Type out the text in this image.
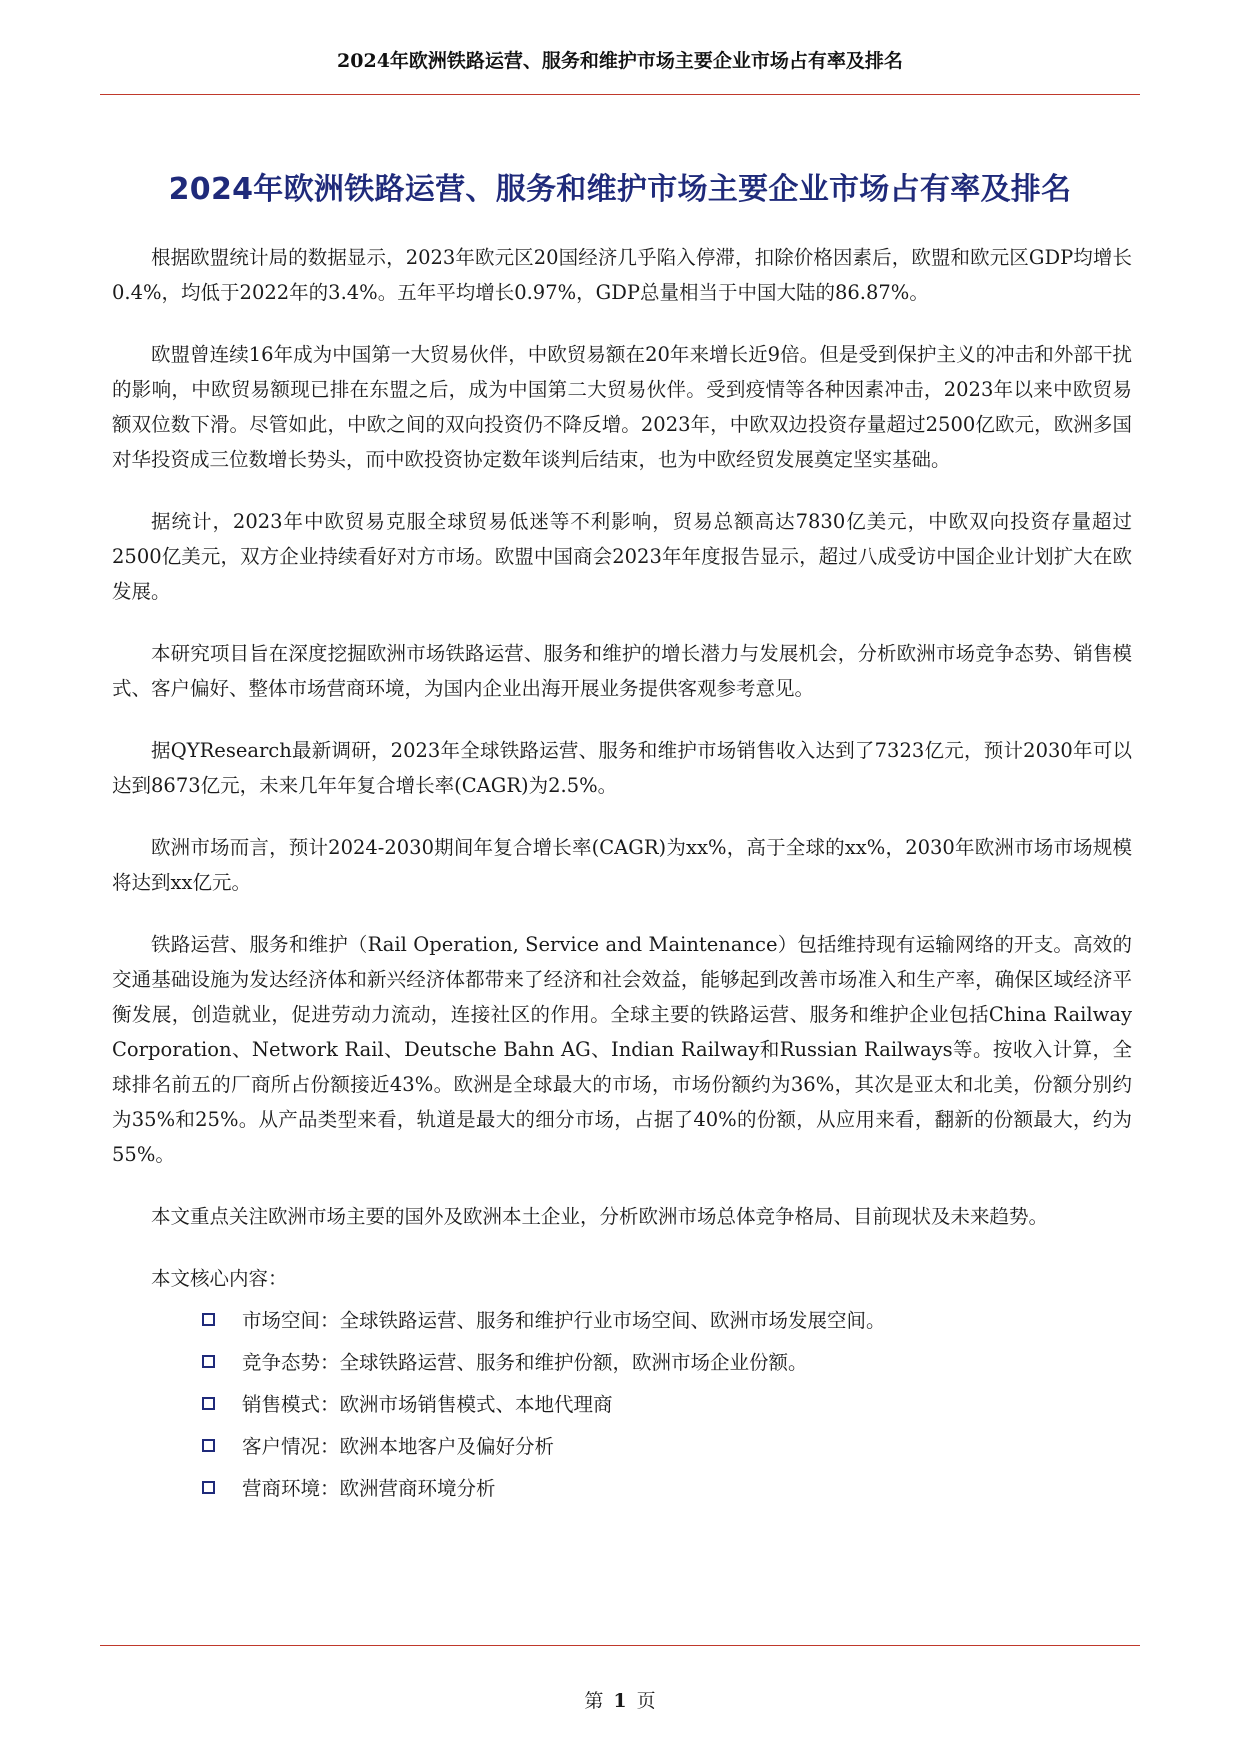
2024年欧洲铁路运营、服务和维护市场主要企业市场占有率及排名
2024年欧洲铁路运营、服务和维护市场主要企业市场占有率及排名

根据欧盟统计局的数据显示，2023年欧元区20国经济几乎陷入停滞，扣除价格因素后，欧盟和欧元区GDP均增长0.4%，均低于2022年的3.4%。五年平均增长0.97%，GDP总量相当于中国大陆的86.87%。

欧盟曾连续16年成为中国第一大贸易伙伴，中欧贸易额在20年来增长近9倍。但是受到保护主义的冲击和外部干扰的影响，中欧贸易额现已排在东盟之后，成为中国第二大贸易伙伴。受到疫情等各种因素冲击，2023年以来中欧贸易额双位数下滑。尽管如此，中欧之间的双向投资仍不降反增。2023年，中欧双边投资存量超过2500亿欧元，欧洲多国对华投资成三位数增长势头，而中欧投资协定数年谈判后结束，也为中欧经贸发展奠定坚实基础。

据统计，2023年中欧贸易克服全球贸易低迷等不利影响，贸易总额高达7830亿美元，中欧双向投资存量超过2500亿美元，双方企业持续看好对方市场。欧盟中国商会2023年年度报告显示，超过八成受访中国企业计划扩大在欧发展。

本研究项目旨在深度挖掘欧洲市场铁路运营、服务和维护的增长潜力与发展机会，分析欧洲市场竞争态势、销售模式、客户偏好、整体市场营商环境，为国内企业出海开展业务提供客观参考意见。

据QYResearch最新调研，2023年全球铁路运营、服务和维护市场销售收入达到了7323亿元，预计2030年可以达到8673亿元，未来几年年复合增长率(CAGR)为2.5%。

欧洲市场而言，预计2024-2030期间年复合增长率(CAGR)为xx%，高于全球的xx%，2030年欧洲市场市场规模将达到xx亿元。

铁路运营、服务和维护（Rail Operation, Service and Maintenance）包括维持现有运输网络的开支。高效的交通基础设施为发达经济体和新兴经济体都带来了经济和社会效益，能够起到改善市场准入和生产率，确保区域经济平衡发展，创造就业，促进劳动力流动，连接社区的作用。全球主要的铁路运营、服务和维护企业包括China Railway Corporation、Network Rail、Deutsche Bahn AG、Indian Railway和Russian Railways等。按收入计算，全球排名前五的厂商所占份额接近43%。欧洲是全球最大的市场，市场份额约为36%，其次是亚太和北美，份额分别约为35%和25%。从产品类型来看，轨道是最大的细分市场，占据了40%的份额，从应用来看，翻新的份额最大，约为55%。

本文重点关注欧洲市场主要的国外及欧洲本土企业，分析欧洲市场总体竞争格局、目前现状及未来趋势。

本文核心内容：

市场空间：全球铁路运营、服务和维护行业市场空间、欧洲市场发展空间。
竞争态势：全球铁路运营、服务和维护份额，欧洲市场企业份额。
销售模式：欧洲市场销售模式、本地代理商
客户情况：欧洲本地客户及偏好分析
营商环境：欧洲营商环境分析
第 1 页
